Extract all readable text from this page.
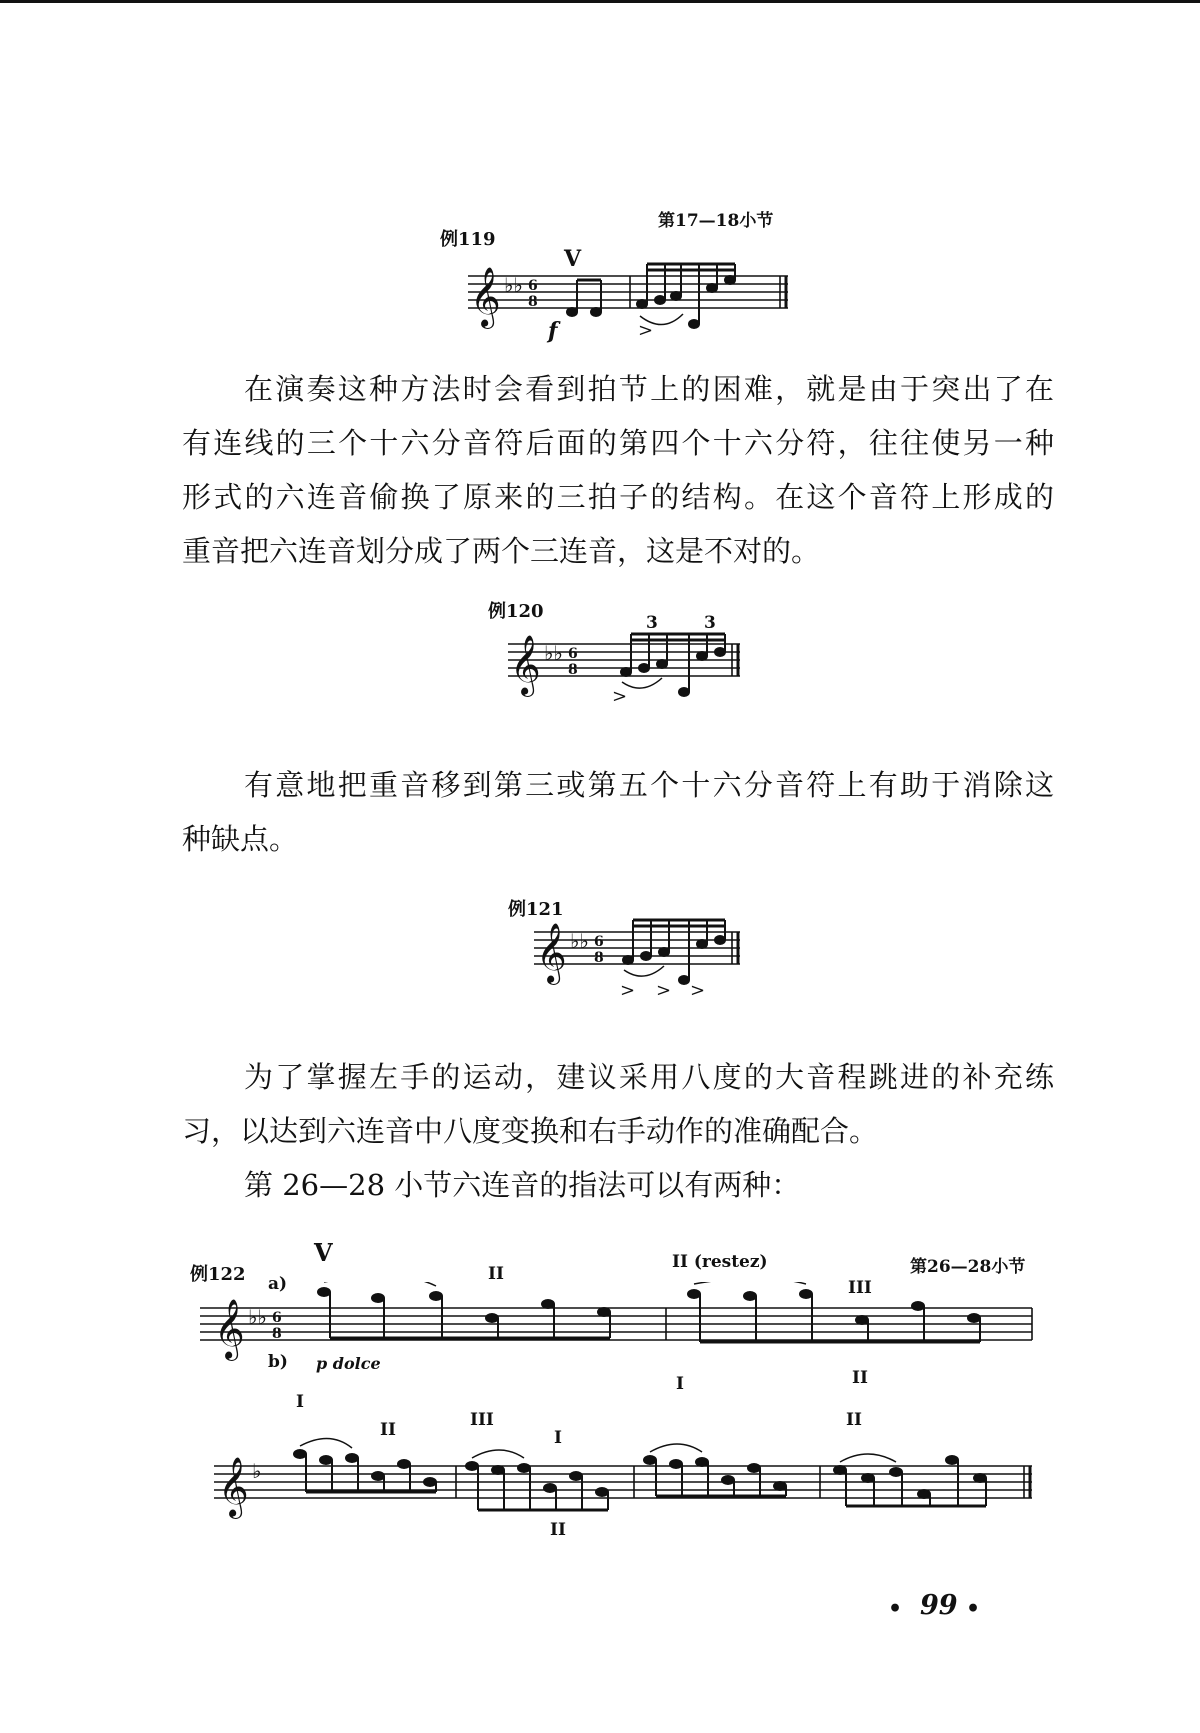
例119
第17—18小节
V
f
𝄞 ♭♭ 6
8
>

在演奏这种方法时会看到拍节上的困难，就是由于突出了在
有连线的三个十六分音符后面的第四个十六分符，往往使另一种
形式的六连音偷换了原来的三拍子的结构。在这个音符上形成的
重音把六连音划分成了两个三连音，这是不对的。

例120
3	3
𝄞 ♭♭ 6
8
>

有意地把重音移到第三或第五个十六分音符上有助于消除这
种缺点。

例121
𝄞 ♭♭ 6
8
> > >

为了掌握左手的运动，建议采用八度的大音程跳进的补充练
习，以达到六连音中八度变换和右手动作的准确配合。

第 26—28 小节六连音的指法可以有两种：

例122	第26—28小节
a)
b) p dolce
V
II
II (restez)
III
I	II
𝄞 ♭♭ 6
8
I
II	III
I
II
II
𝄞 ♭
• 99 •
